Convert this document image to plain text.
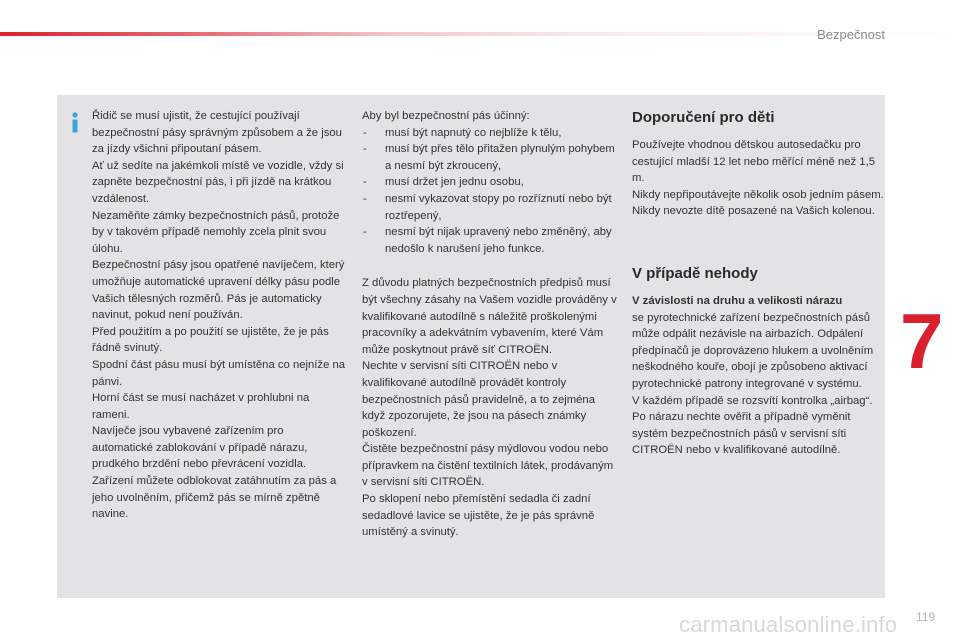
Bezpečnost
Řidič se musí ujistit, že cestující používají bezpečnostní pásy správným způsobem a že jsou za jízdy všichni připoutaní pásem.
Ať už sedíte na jakémkoli místě ve vozidle, vždy si zapněte bezpečnostní pás, i při jízdě na krátkou vzdálenost.
Nezaměňte zámky bezpečnostních pásů, protože by v takovém případě nemohly zcela plnit svou úlohu.
Bezpečnostní pásy jsou opatřené navíječem, který umožňuje automatické upravení délky pásu podle Vašich tělesných rozměrů. Pás je automaticky navinut, pokud není používán.
Před použitím a po použití se ujistěte, že je pás řádně svinutý.
Spodní část pásu musí být umístěna co nejníže na pánvi.
Horní část se musí nacházet v prohlubni na rameni.
Navíječe jsou vybavené zařízením pro automatické zablokování v případě nárazu, prudkého brzdění nebo převrácení vozidla. Zařízení můžete odblokovat zatáhnutím za pás a jeho uvolněním, přičemž pás se mírně zpětně navine.
Aby byl bezpečnostní pás účinný:
- musí být napnutý co nejblíže k tělu,
- musí být přes tělo přitažen plynulým pohybem a nesmí být zkroucený,
- musí držet jen jednu osobu,
- nesmí vykazovat stopy po rozříznutí nebo být roztřepený,
- nesmí být nijak upravený nebo změněný, aby nedošlo k narušení jeho funkce.
Z důvodu platných bezpečnostních předpisů musí být všechny zásahy na Vašem vozidle prováděny v kvalifikované autodílně s náležitě proškolenými pracovníky a adekvátním vybavením, které Vám může poskytnout právě síť CITROËN.
Nechte v servisní síti CITROËN nebo v kvalifikované autodílně provádět kontroly bezpečnostních pásů pravidelně, a to zejména když zpozorujete, že jsou na pásech známky poškození.
Čistěte bezpečnostní pásy mýdlovou vodou nebo přípravkem na čistění textilních látek, prodávaným v servisní síti CITROËN.
Po sklopení nebo přemístění sedadla či zadní sedadlové lavice se ujistěte, že je pás správně umístěný a svinutý.
Doporučení pro děti
Používejte vhodnou dětskou autosedačku pro cestující mladší 12 let nebo měřící méně než 1,5 m.
Nikdy nepřipoutávejte několik osob jedním pásem.
Nikdy nevozte dítě posazené na Vašich kolenou.
V případě nehody
V závislosti na druhu a velikosti nárazu
se pyrotechnické zařízení bezpečnostních pásů může odpálit nezávisle na airbazích. Odpálení předpínačů je doprovázeno hlukem a uvolněním neškodného kouře, obojí je způsobeno aktivací pyrotechnické patrony integrované v systému.
V každém případě se rozsvítí kontrolka „airbag“.
Po nárazu nechte ověřit a případně vyměnit systém bezpečnostních pásů v servisní síti CITROËN nebo v kvalifikované autodílně.
7
carmanualsonline.info 119
